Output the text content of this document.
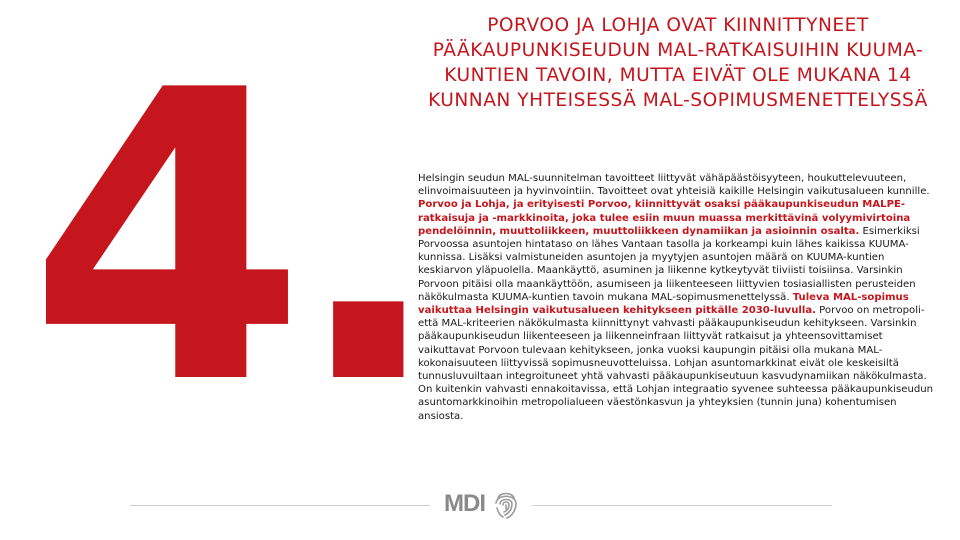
4.	PORVOO JA LOHJA OVAT KIINNITTYNEET PÄÄKAUPUNKISEUDUN MAL-RATKAISUIHIN KUUMA-KUNTIEN TAVOIN, MUTTA EIVÄT OLE MUKANA 14 KUNNAN YHTEISESSÄ MAL-SOPIMUSMENETTELYSSÄ
Helsingin seudun MAL-suunnitelman tavoitteet liittyvät vähäpäästöisyyteen, houkuttelevuuteen, elinvoimaisuuteen ja hyvinvointiin. Tavoitteet ovat yhteisiä kaikille Helsingin vaikutusalueen kunnille. Porvoo ja Lohja, ja erityisesti Porvoo, kiinnittyvät osaksi pääkaupunkiseudun MALPE-ratkaisuja ja -markkinoita, joka tulee esiin muun muassa merkittävinä volyymivirtoina pendelöinnin, muuttoliikkeen, muuttoliikkeen dynamiikan ja asioinnin osalta. Esimerkiksi Porvoossa asuntojen hintataso on lähes Vantaan tasolla ja korkeampi kuin lähes kaikissa KUUMA-kunnissa. Lisäksi valmistuneiden asuntojen ja myytyjen asuntojen määrä on KUUMA-kuntien keskiarvon yläpuolella. Maankäyttö, asuminen ja liikenne kytkeytyvät tiiviisti toisiinsa. Varsinkin Porvoon pitäisi olla maankäyttöön, asumiseen ja liikenteeseen liittyvien tosiasiallisten perusteiden näkökulmasta KUUMA-kuntien tavoin mukana MAL-sopimusmenettelyssä. Tuleva MAL-sopimus vaikuttaa Helsingin vaikutusalueen kehitykseen pitkälle 2030-luvulla. Porvoo on metropoli- että MAL-kriteerien näkökulmasta kiinnittynyt vahvasti pääkaupunkiseudun kehitykseen. Varsinkin pääkaupunkiseudun liikenteeseen ja liikenneinfraan liittyvät ratkaisut ja yhteensovittamiset vaikuttavat Porvoon tulevaan kehitykseen, jonka vuoksi kaupungin pitäisi olla mukana MAL-kokonaisuuteen liittyvissä sopimusneuvotteluissa. Lohjan asuntomarkkinat eivät ole keskeisiltä tunnusluvuiltaan integroituneet yhtä vahvasti pääkaupunkiseutuun kasvudynamiikan näkökulmasta. On kuitenkin vahvasti ennakoitavissa, että Lohjan integraatio syvenee suhteessa pääkaupunkiseudun asuntomarkkinoihin metropolialueen väestönkasvun ja yhteyksien (tunnin juna) kohentumisen ansiosta.
MDI
